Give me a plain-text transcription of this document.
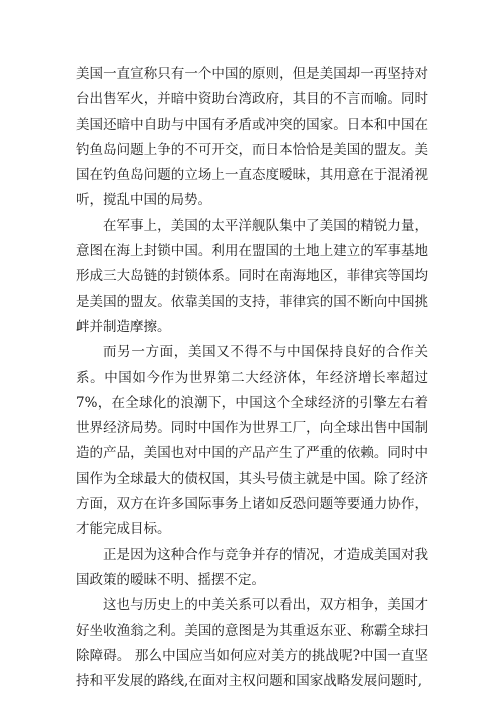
美国一直宣称只有一个中国的原则，但是美国却一再坚持对台出售军火，并暗中资助台湾政府，其目的不言而喻。同时美国还暗中自助与中国有矛盾或冲突的国家。日本和中国在钓鱼岛问题上争的不可开交，而日本恰恰是美国的盟友。美国在钓鱼岛问题的立场上一直态度暧昧，其用意在于混淆视听，搅乱中国的局势。

在军事上，美国的太平洋舰队集中了美国的精锐力量，意图在海上封锁中国。利用在盟国的土地上建立的军事基地形成三大岛链的封锁体系。同时在南海地区，菲律宾等国均是美国的盟友。依靠美国的支持，菲律宾的国不断向中国挑衅并制造摩擦。

而另一方面，美国又不得不与中国保持良好的合作关系。中国如今作为世界第二大经济体，年经济增长率超过 7%，在全球化的浪潮下，中国这个全球经济的引擎左右着世界经济局势。同时中国作为世界工厂，向全球出售中国制造的产品，美国也对中国的产品产生了严重的依赖。同时中国作为全球最大的债权国，其头号债主就是中国。除了经济方面，双方在许多国际事务上诸如反恐问题等要通力协作，才能完成目标。

正是因为这种合作与竞争并存的情况，才造成美国对我国政策的暧昧不明、摇摆不定。

这也与历史上的中美关系可以看出，双方相争，美国才好坐收渔翁之利。美国的意图是为其重返东亚、称霸全球扫除障碍。 那么中国应当如何应对美方的挑战呢?中国一直坚持和平发展的路线,在面对主权问题和国家战略发展问题时,
